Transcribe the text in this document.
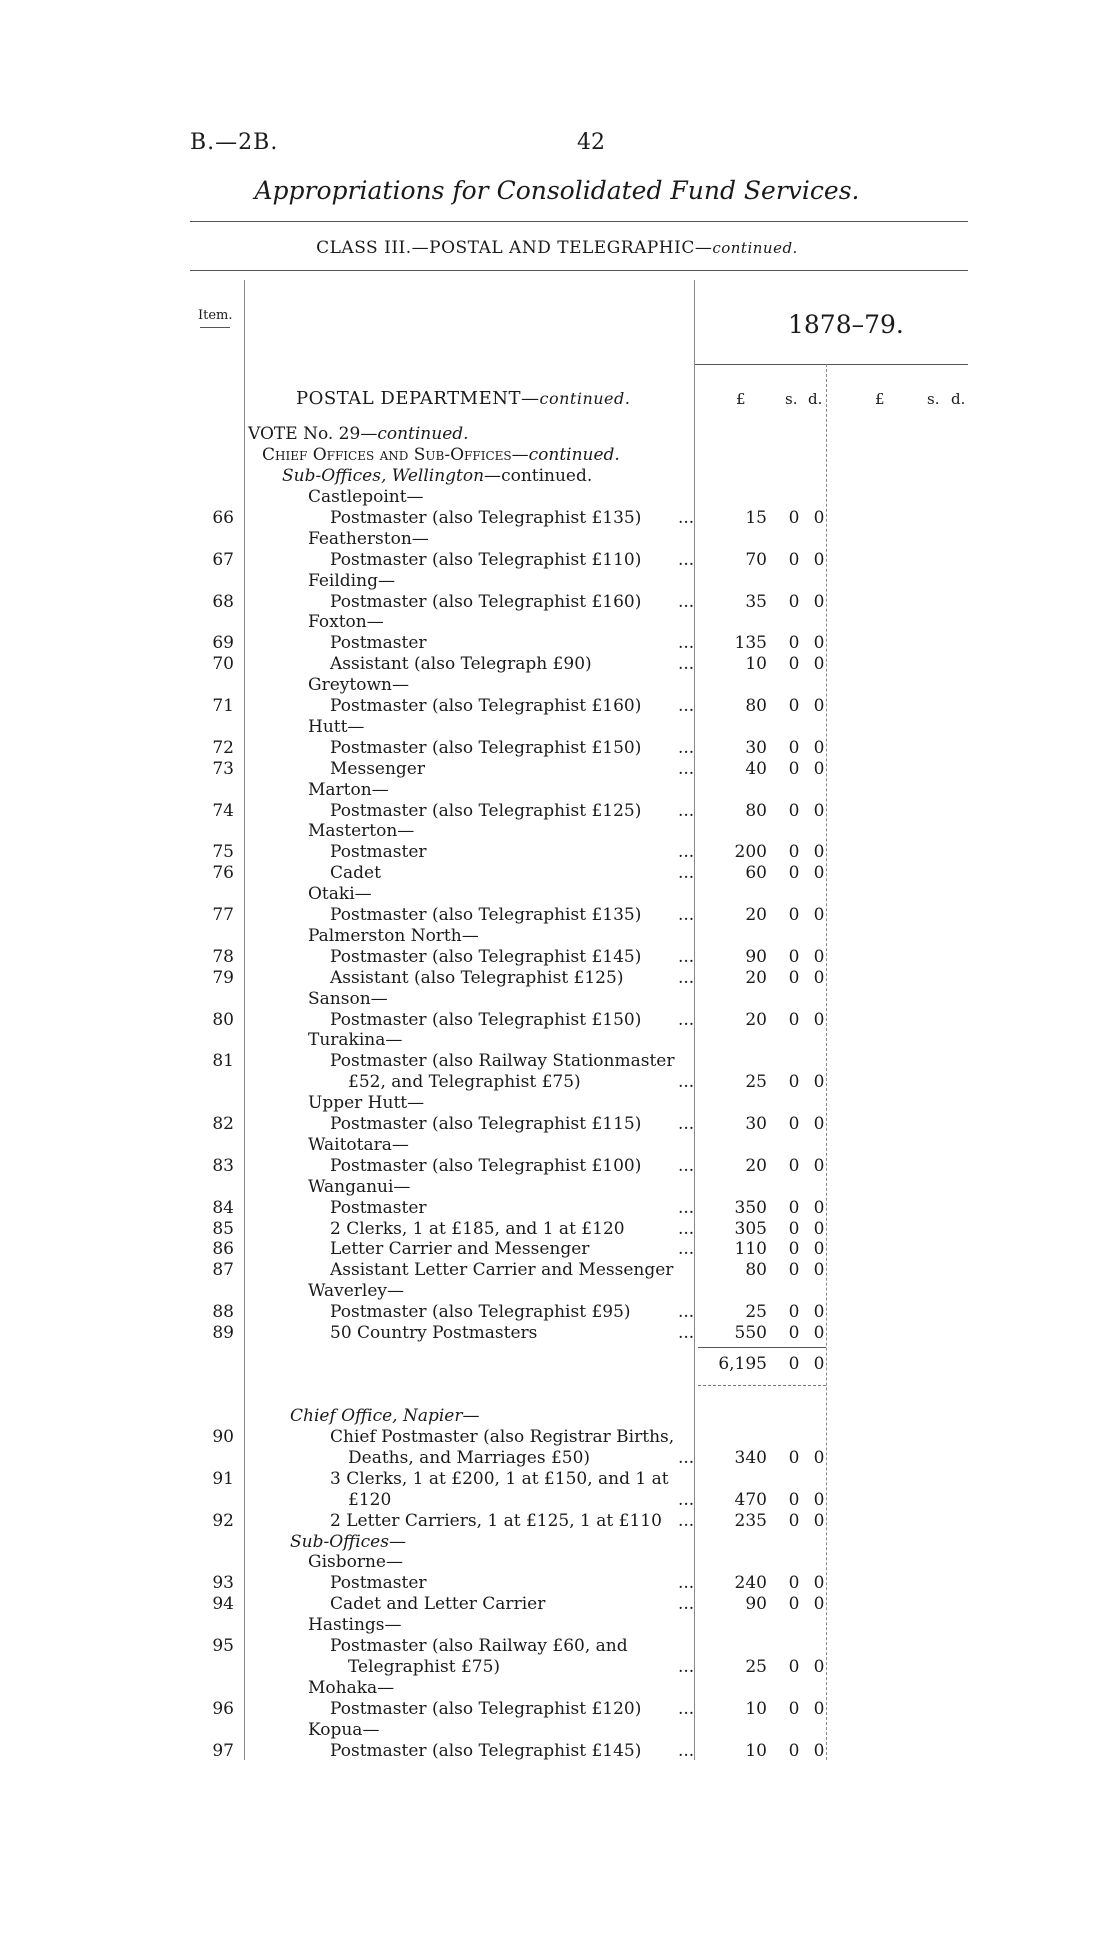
B.—2B.	42
Appropriations for Consolidated Fund Services.
CLASS III.—POSTAL AND TELEGRAPHIC—continued.
Item.	1878–79.
POSTAL DEPARTMENT—continued.	£	s. d.	£	s. d.
VOTE No. 29—continued.
Chief Offices and Sub-Offices—continued.
Sub-Offices, Wellington—continued.
Castlepoint—
66	Postmaster (also Telegraphist £135) ...	15 0 0
Featherston—
67	Postmaster (also Telegraphist £110) ...	70 0 0
Feilding—
68	Postmaster (also Telegraphist £160) ...	35 0 0
Foxton—
69	Postmaster	... 135 0 0
70	Assistant (also Telegraph £90)	...	10 0 0
Greytown—
71	Postmaster (also Telegraphist £160) ...	80 0 0
Hutt—
72	Postmaster (also Telegraphist £150) ...	30 0 0
73	Messenger	...	40 0 0
Marton—
74	Postmaster (also Telegraphist £125) ...	80 0 0
Masterton—
75	Postmaster	... 200 0 0
76	Cadet	...	60 0 0
Otaki—
77	Postmaster (also Telegraphist £135) ...	20 0 0
Palmerston North—
78	Postmaster (also Telegraphist £145) ...	90 0 0
79	Assistant (also Telegraphist £125)	...	20 0 0
Sanson—
80	Postmaster (also Telegraphist £150) ...	20 0 0
Turakina—
81	Postmaster (also Railway Stationmaster
£52, and Telegraphist £75)	...	25 0 0
Upper Hutt—
82	Postmaster (also Telegraphist £115) ...	30 0 0
Waitotara—
83	Postmaster (also Telegraphist £100) ...	20 0 0
Wanganui—
84	Postmaster	... 350 0 0
85	2 Clerks, 1 at £185, and 1 at £120	... 305 0 0
86	Letter Carrier and Messenger	... 110 0 0
87	Assistant Letter Carrier and Messenger	80 0 0
Waverley—
88	Postmaster (also Telegraphist £95)	...	25 0 0
89	50 Country Postmasters	... 550 0 0
6,195 0 0
Chief Office, Napier—
90	Chief Postmaster (also Registrar Births,
Deaths, and Marriages £50)	... 340 0 0
91	3 Clerks, 1 at £200, 1 at £150, and 1 at
£120	... 470 0 0
92	2 Letter Carriers, 1 at £125, 1 at £110 ... 235 0 0
Sub-Offices—
Gisborne—
93	Postmaster	... 240 0 0
94	Cadet and Letter Carrier	...	90 0 0
Hastings—
95	Postmaster (also Railway £60, and
Telegraphist £75)	...	25 0 0
Mohaka—
96	Postmaster (also Telegraphist £120) ...	10 0 0
Kopua—
97	Postmaster (also Telegraphist £145) ...	10 0 0
